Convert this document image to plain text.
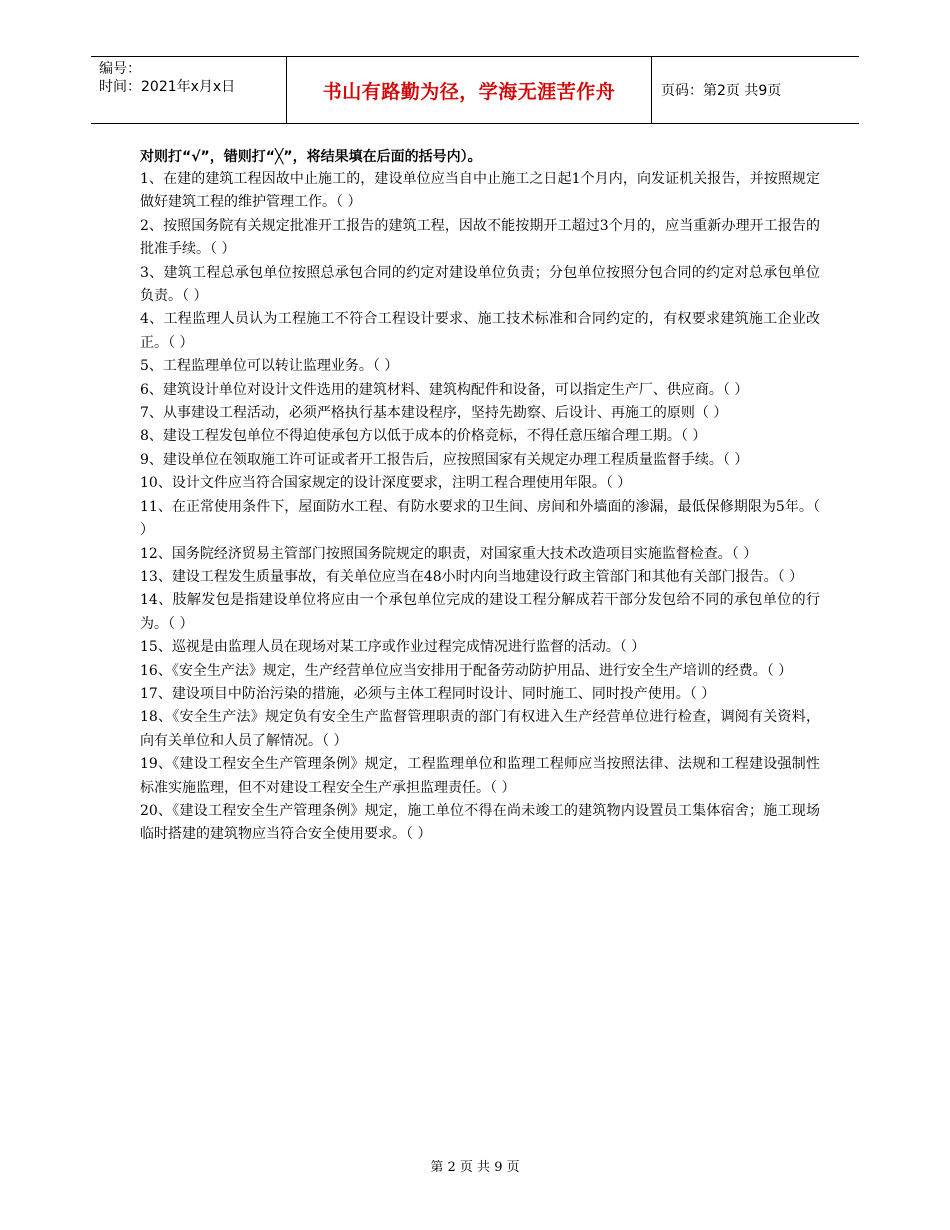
编号：
时间：2021年x月x日	书山有路勤为径，学海无涯苦作舟	页码：第2页 共9页

对则打“√”，错则打“╳”，将结果填在后面的括号内）。

1、在建的建筑工程因故中止施工的，建设单位应当自中止施工之日起1个月内，向发证机关报告，并按照规定做好建筑工程的维护管理工作。（ ）

2、按照国务院有关规定批准开工报告的建筑工程，因故不能按期开工超过3个月的，应当重新办理开工报告的批准手续。（ ）

3、建筑工程总承包单位按照总承包合同的约定对建设单位负责；分包单位按照分包合同的约定对总承包单位负责。（ ）

4、工程监理人员认为工程施工不符合工程设计要求、施工技术标准和合同约定的，有权要求建筑施工企业改正。（ ）

5、工程监理单位可以转让监理业务。（ ）

6、建筑设计单位对设计文件选用的建筑材料、建筑构配件和设备，可以指定生产厂、供应商。（ ）

7、从事建设工程活动，必须严格执行基本建设程序，坚持先勘察、后设计、再施工的原则（ ）

8、建设工程发包单位不得迫使承包方以低于成本的价格竞标，不得任意压缩合理工期。（ ）

9、建设单位在领取施工许可证或者开工报告后，应按照国家有关规定办理工程质量监督手续。（ ）

10、设计文件应当符合国家规定的设计深度要求，注明工程合理使用年限。（ ）

11、在正常使用条件下，屋面防水工程、有防水要求的卫生间、房间和外墙面的渗漏，最低保修期限为5年。（ ）

12、国务院经济贸易主管部门按照国务院规定的职责，对国家重大技术改造项目实施监督检查。（ ）

13、建设工程发生质量事故，有关单位应当在48小时内向当地建设行政主管部门和其他有关部门报告。（ ）

14、肢解发包是指建设单位将应由一个承包单位完成的建设工程分解成若干部分发包给不同的承包单位的行为。（ ）

15、巡视是由监理人员在现场对某工序或作业过程完成情况进行监督的活动。（ ）

16、《安全生产法》规定，生产经营单位应当安排用于配备劳动防护用品、进行安全生产培训的经费。（ ）

17、建设项目中防治污染的措施，必须与主体工程同时设计、同时施工、同时投产使用。（ ）

18、《安全生产法》规定负有安全生产监督管理职责的部门有权进入生产经营单位进行检查，调阅有关资料，向有关单位和人员了解情况。（ ）

19、《建设工程安全生产管理条例》规定，工程监理单位和监理工程师应当按照法律、法规和工程建设强制性标准实施监理，但不对建设工程安全生产承担监理责任。（ ）

20、《建设工程安全生产管理条例》规定，施工单位不得在尚未竣工的建筑物内设置员工集体宿舍；施工现场临时搭建的建筑物应当符合安全使用要求。（ ）

第 2 页 共 9 页
